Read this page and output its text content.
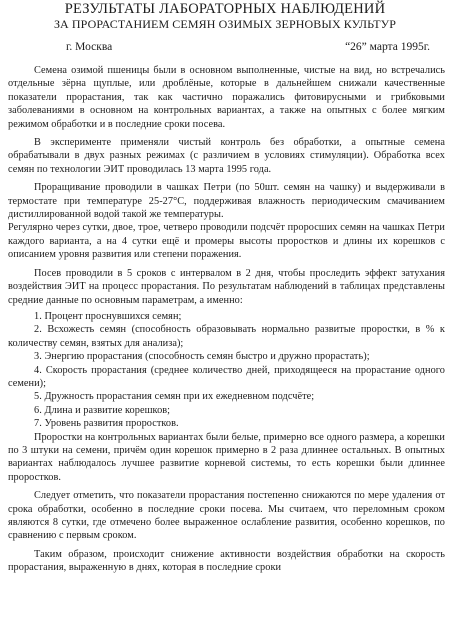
РЕЗУЛЬТАТЫ ЛАБОРАТОРНЫХ НАБЛЮДЕНИЙ
ЗА ПРОРАСТАНИЕМ СЕМЯН ОЗИМЫХ ЗЕРНОВЫХ КУЛЬТУР
г. Москва	“26” марта 1995г.

Семена озимой пшеницы были в основном выполненные, чистые на вид, но встречались отдельные зёрна щуплые, или дроблёные, которые в дальнейшем снижали качественные показатели прорастания, так как частично поражались фитовирусными и грибковыми заболеваниями в основном на контрольных вариантах, а также на опытных с более мягким режимом обработки и в последние сроки посева.

В эксперименте применяли чистый контроль без обработки, а опытные семена обрабатывали в двух разных режимах (с различием в условиях стимуляции). Обработка всех семян по технологии ЭИТ проводилась 13 марта 1995 года.

Проращивание проводили в чашках Петри (по 50шт. семян на чашку) и выдерживали в термостате при температуре 25-27°С, поддерживая влажность периодическим смачиванием дистиллированной водой такой же температуры.

Регулярно через сутки, двое, трое, четверо проводили подсчёт проросших семян на чашках Петри каждого варианта, а на 4 сутки ещё и промеры высоты проростков и длины их корешков с описанием уровня развития или степени поражения.

Посев проводили в 5 сроков с интервалом в 2 дня, чтобы проследить эффект затухания воздействия ЭИТ на процесс прорастания. По результатам наблюдений в таблицах представлены средние данные по основным параметрам, а именно:

1. Процент проснувшихся семян;

2. Всхожесть семян (способность образовывать нормально развитые проростки, в % к количеству семян, взятых для анализа);

3. Энергию прорастания (способность семян быстро и дружно прорастать);

4. Скорость прорастания (среднее количество дней, приходящееся на прорастание одного семени);

5. Дружность прорастания семян при их ежедневном подсчёте;

6. Длина и развитие корешков;

7. Уровень развития проростков.

Проростки на контрольных вариантах были белые, примерно все одного размера, а корешки по 3 штуки на семени, причём один корешок примерно в 2 раза длиннее остальных. В опытных вариантах наблюдалось лучшее развитие корневой системы, то есть корешки были длиннее проростков.

Следует отметить, что показатели прорастания постепенно снижаются по мере удаления от срока обработки, особенно в последние сроки посева. Мы считаем, что переломным сроком являются 8 сутки, где отмечено более выраженное ослабление развития, особенно корешков, по сравнению с первым сроком.

Таким образом, происходит снижение активности воздействия обработки на скорость прорастания, выраженную в днях, которая в последние сроки
